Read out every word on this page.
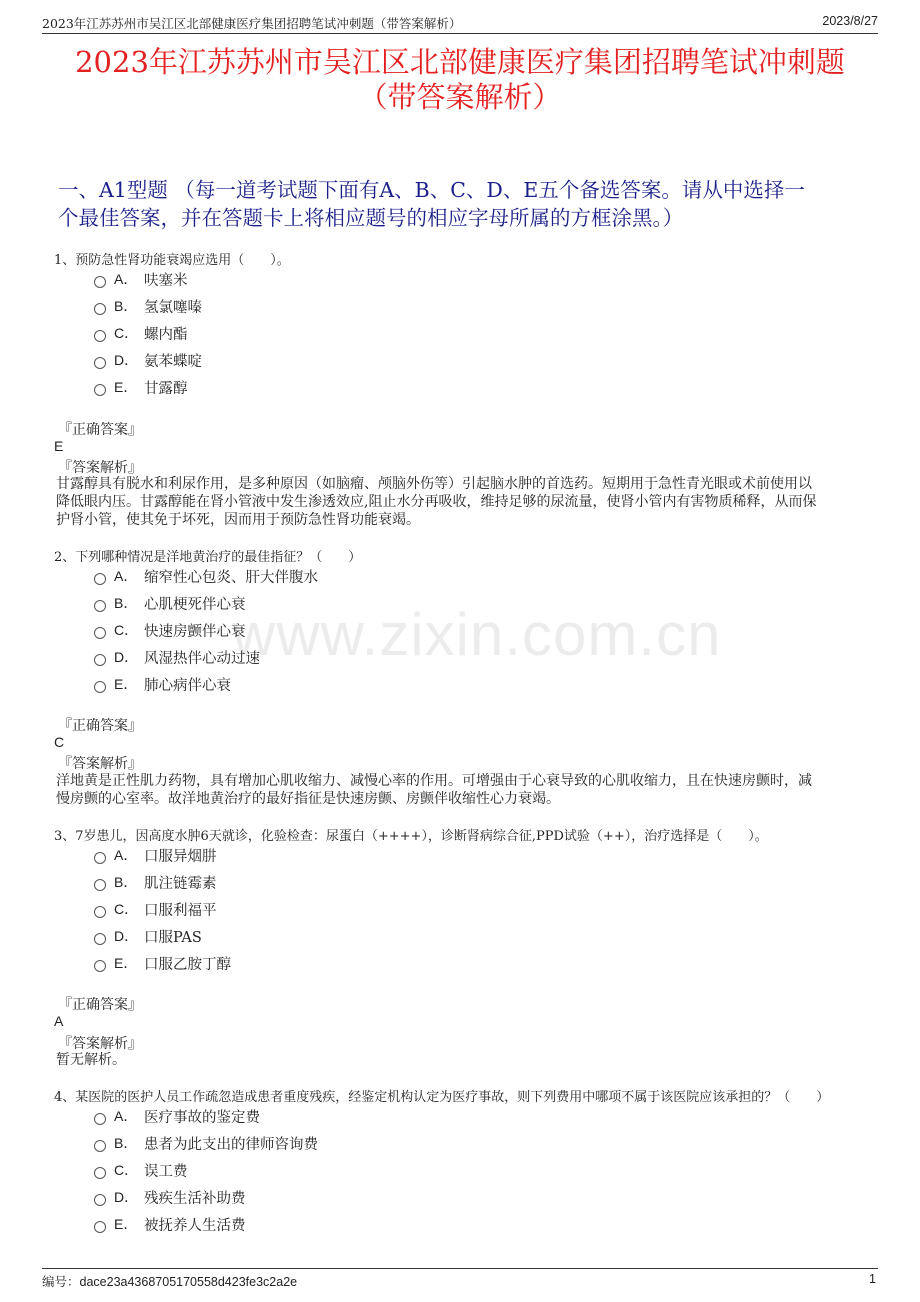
2023年江苏苏州市吴江区北部健康医疗集团招聘笔试冲刺题（带答案解析）	2023/8/27
2023年江苏苏州市吴江区北部健康医疗集团招聘笔试冲刺题
（带答案解析）
一、A1型题 （每一道考试题下面有A、B、C、D、E五个备选答案。请从中选择一
个最佳答案，并在答题卡上将相应题号的相应字母所属的方框涂黑。）
www.zixin.com.cn
1、预防急性肾功能衰竭应选用（　　）。
A． 呋塞米
B． 氢氯噻嗪
C． 螺内酯
D． 氨苯蝶啶
E． 甘露醇
『正确答案』
E
『答案解析』
甘露醇具有脱水和利尿作用，是多种原因（如脑瘤、颅脑外伤等）引起脑水肿的首选药。短期用于急性青光眼或术前使用以
降低眼内压。甘露醇能在肾小管液中发生渗透效应,阻止水分再吸收，维持足够的尿流量，使肾小管内有害物质稀释，从而保
护肾小管，使其免于坏死，因而用于预防急性肾功能衰竭。
2、下列哪种情况是洋地黄治疗的最佳指征？（　　）
A． 缩窄性心包炎、肝大伴腹水
B． 心肌梗死伴心衰
C． 快速房颤伴心衰
D． 风湿热伴心动过速
E． 肺心病伴心衰
『正确答案』
C
『答案解析』
洋地黄是正性肌力药物，具有增加心肌收缩力、减慢心率的作用。可增强由于心衰导致的心肌收缩力，且在快速房颤时，减
慢房颤的心室率。故洋地黄治疗的最好指征是快速房颤、房颤伴收缩性心力衰竭。
3、7岁患儿，因高度水肿6天就诊，化验检查：尿蛋白（++++），诊断肾病综合征,PPD试验（++），治疗选择是（　　）。
A． 口服异烟肼
B． 肌注链霉素
C． 口服利福平
D． 口服PAS
E． 口服乙胺丁醇
『正确答案』
A
『答案解析』
暂无解析。
4、某医院的医护人员工作疏忽造成患者重度残疾，经鉴定机构认定为医疗事故，则下列费用中哪项不属于该医院应该承担的？（　　）
A． 医疗事故的鉴定费
B． 患者为此支出的律师咨询费
C． 误工费
D． 残疾生活补助费
E． 被抚养人生活费
编号：dace23a4368705170558d423fe3c2a2e	1
